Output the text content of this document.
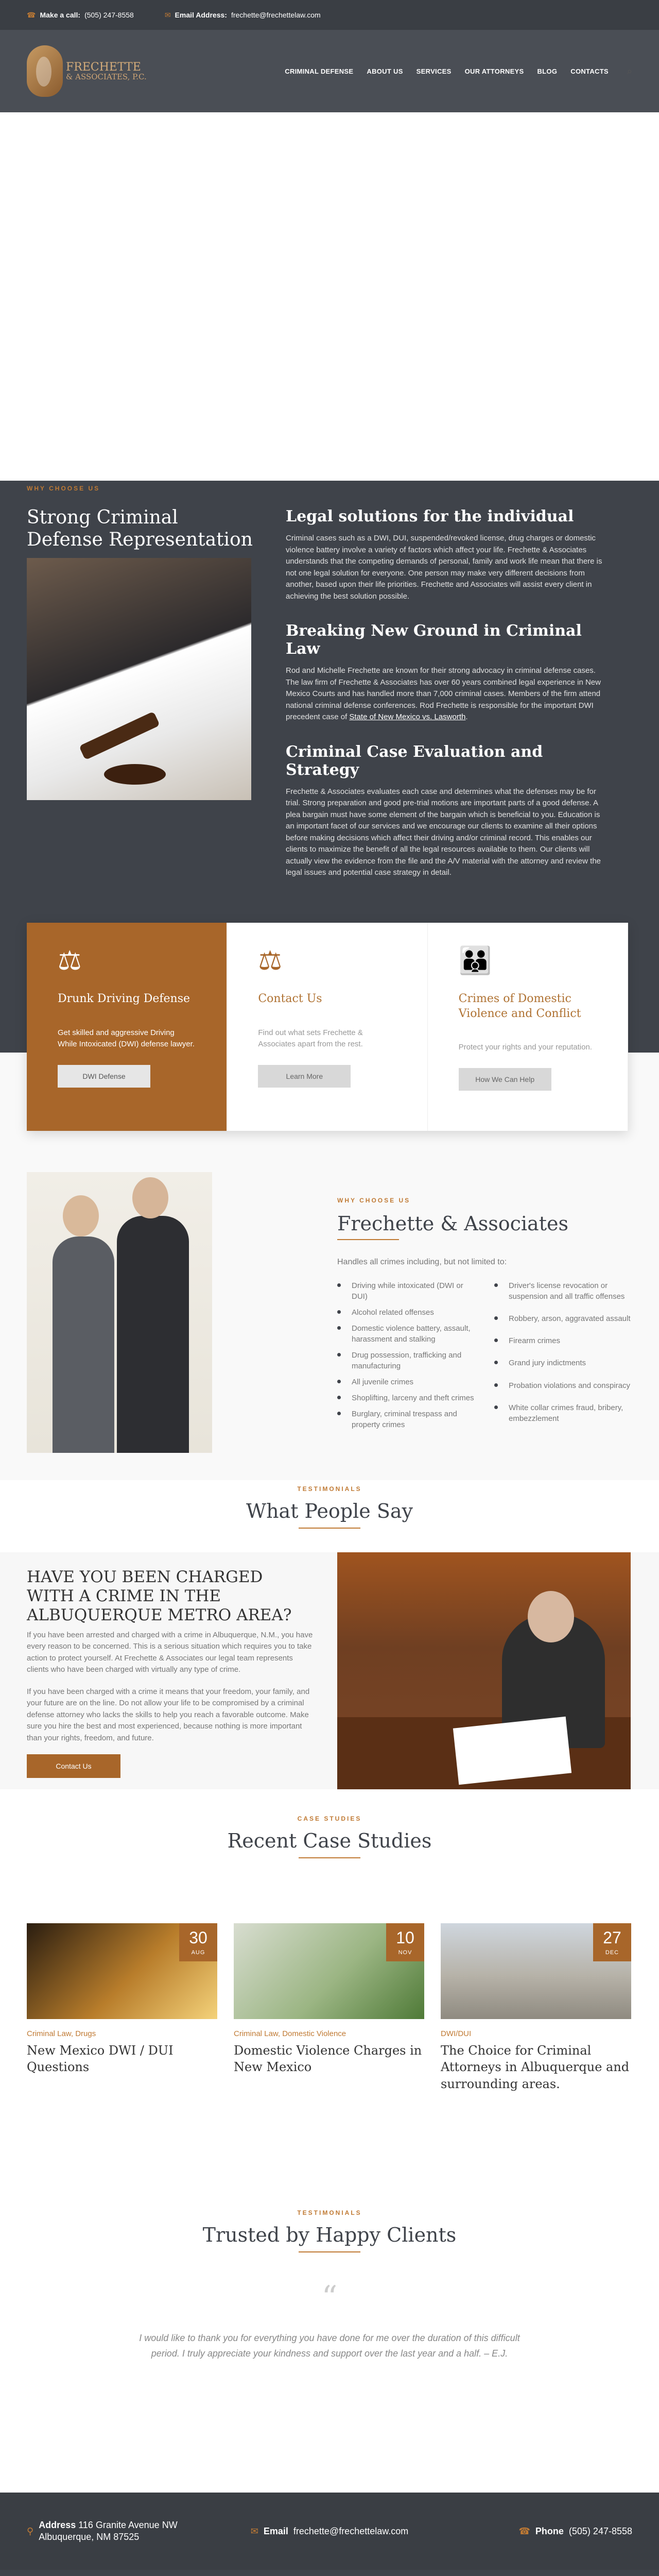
☎ Make a call: (505) 247-8558	✉ Email Address: frechette@frechettelaw.com
FRECHETTE
& ASSOCIATES, P.C.
CRIMINAL DEFENSE ABOUT US SERVICES OUR ATTORNEYS BLOG CONTACTS ⌕
WHY CHOOSE US
Strong Criminal Defense Representation
Legal solutions for the individual

Criminal cases such as a DWI, DUI, suspended/revoked license, drug charges or domestic violence battery involve a variety of factors which affect your life. Frechette & Associates understands that the competing demands of personal, family and work life mean that there is not one legal solution for everyone. One person may make very different decisions from another, based upon their life priorities. Frechette and Associates will assist every client in achieving the best solution possible.

Breaking New Ground in Criminal Law

Rod and Michelle Frechette are known for their strong advocacy in criminal defense cases. The law firm of Frechette & Associates has over 60 years combined legal experience in New Mexico Courts and has handled more than 7,000 criminal cases. Members of the firm attend national criminal defense conferences. Rod Frechette is responsible for the important DWI precedent case of State of New Mexico vs. Lasworth.

Criminal Case Evaluation and Strategy

Frechette & Associates evaluates each case and determines what the defenses may be for trial. Strong preparation and good pre-trial motions are important parts of a good defense. A plea bargain must have some element of the bargain which is beneficial to you. Education is an important facet of our services and we encourage our clients to examine all their options before making decisions which affect their driving and/or criminal record. This enables our clients to maximize the benefit of all the legal resources available to them. Our clients will actually view the evidence from the file and the A/V material with the attorney and review the legal issues and potential case strategy in detail.

⚖
Drunk Driving Defense

Get skilled and aggressive Driving While Intoxicated (DWI) defense lawyer.

DWI Defense
⚖
Contact Us

Find out what sets Frechette & Associates apart from the rest.

Learn More
👪
Crimes of Domestic Violence and Conflict

Protect your rights and your reputation.

How We Can Help
WHY CHOOSE US
Frechette & Associates
Handles all crimes including, but not limited to:
Driving while intoxicated (DWI or DUI)
Alcohol related offenses
Domestic violence battery, assault, harassment and stalking
Drug possession, trafficking and manufacturing
All juvenile crimes
Shoplifting, larceny and theft crimes
Burglary, criminal trespass and property crimes
Driver's license revocation or suspension and all traffic offenses
Robbery, arson, aggravated assault
Firearm crimes
Grand jury indictments
Probation violations and conspiracy
White collar crimes fraud, bribery, embezzlement
TESTIMONIALS
What People Say
HAVE YOU BEEN CHARGED WITH A CRIME IN THE ALBUQUERQUE METRO AREA?

If you have been arrested and charged with a crime in Albuquerque, N.M., you have every reason to be concerned. This is a serious situation which requires you to take action to protect yourself. At Frechette & Associates our legal team represents clients who have been charged with virtually any type of crime.

If you have been charged with a crime it means that your freedom, your family, and your future are on the line. Do not allow your life to be compromised by a criminal defense attorney who lacks the skills to help you reach a favorable outcome. Make sure you hire the best and most experienced, because nothing is more important than your rights, freedom, and future.

Contact Us
CASE STUDIES
Recent Case Studies
30
AUG
Criminal Law, Drugs
New Mexico DWI / DUI Questions
10
NOV
Criminal Law, Domestic Violence
Domestic Violence Charges in New Mexico
27
DEC
DWI/DUI
The Choice for Criminal Attorneys in Albuquerque and surrounding areas.
TESTIMONIALS
Trusted by Happy Clients
“
I would like to thank you for everything you have done for me over the duration of this difficult period. I truly appreciate your kindness and support over the last year and a half. – E.J.
⚲
Address 116 Granite Avenue NW
Albuquerque, NM 87525
✉ Email frechette@frechettelaw.com	☎ Phone (505) 247-8558
